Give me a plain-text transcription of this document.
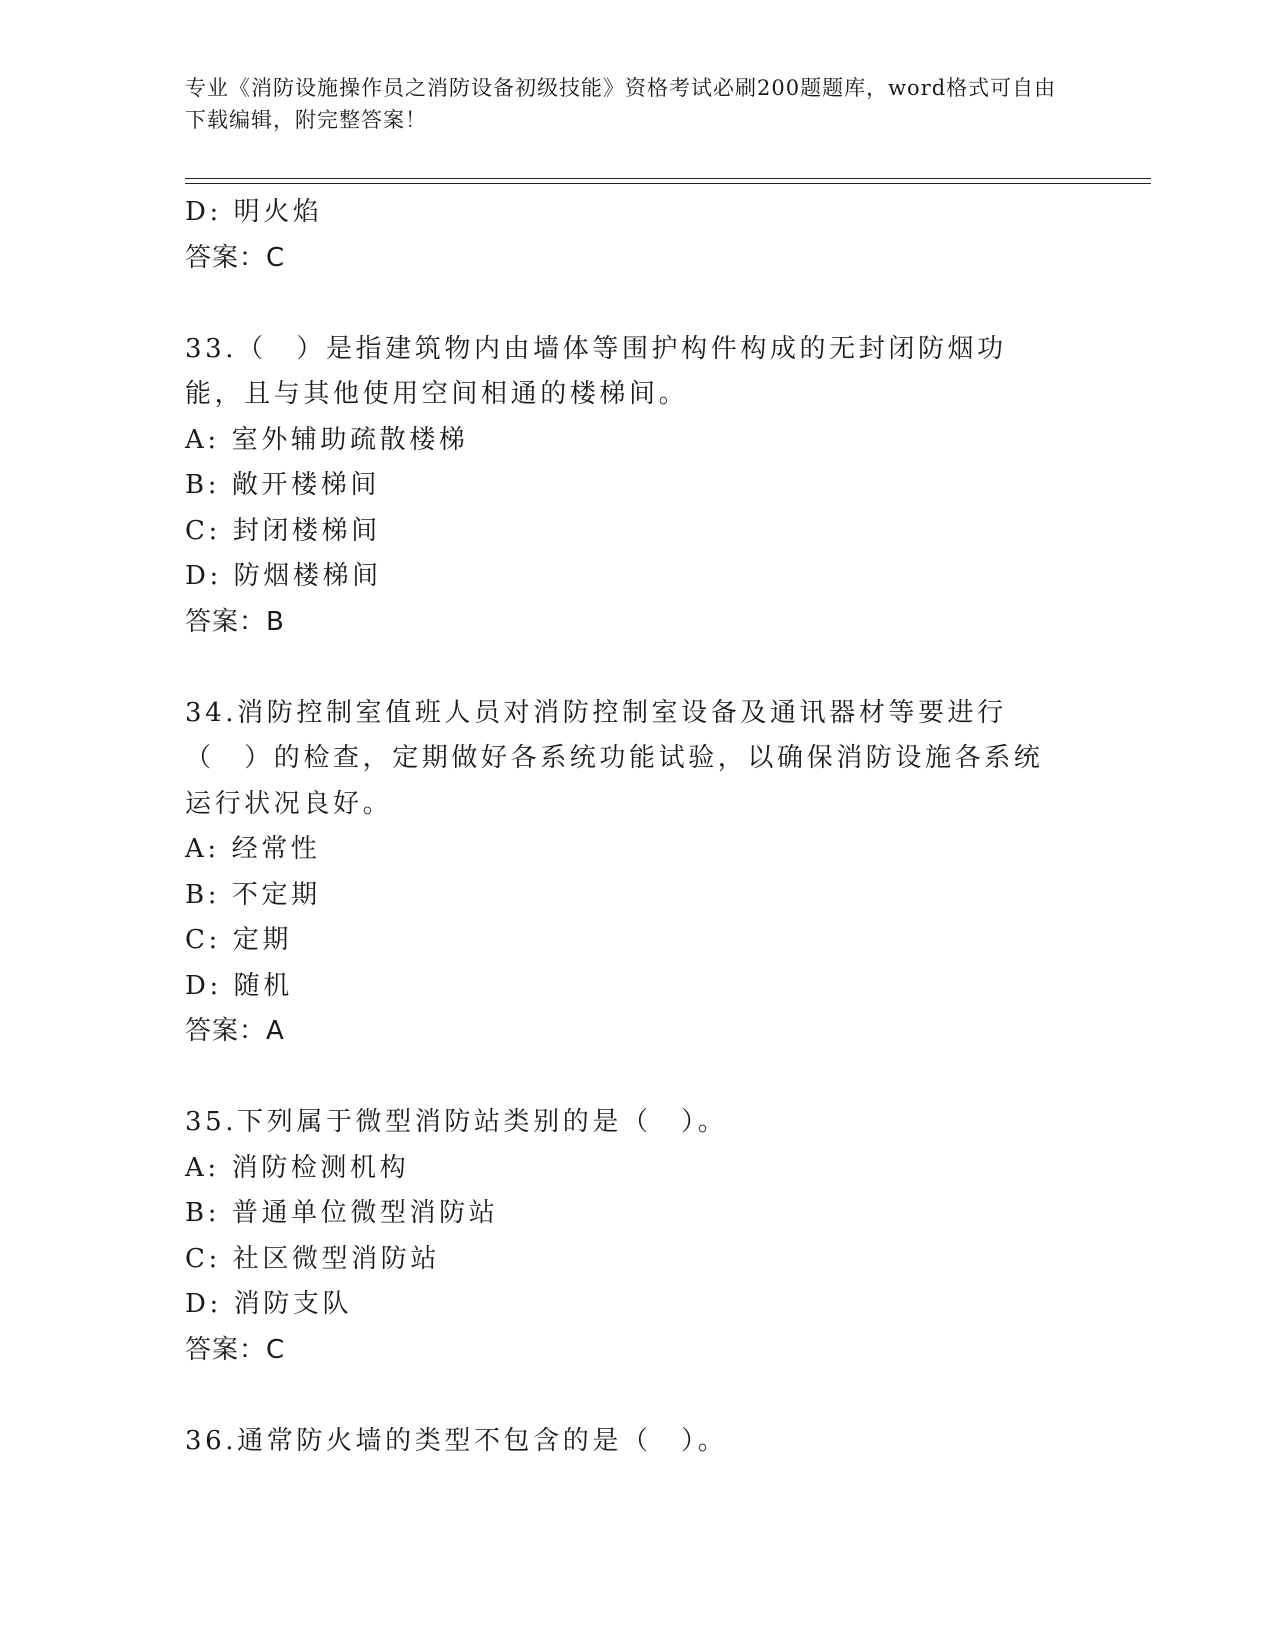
专业《消防设施操作员之消防设备初级技能》资格考试必刷200题题库，word格式可自由下载编辑，附完整答案！
D: 明火焰
答案：C
33.（　）是指建筑物内由墙体等围护构件构成的无封闭防烟功能，且与其他使用空间相通的楼梯间。
A: 室外辅助疏散楼梯
B: 敞开楼梯间
C: 封闭楼梯间
D: 防烟楼梯间
答案：B
34.消防控制室值班人员对消防控制室设备及通讯器材等要进行（　）的检查，定期做好各系统功能试验，以确保消防设施各系统运行状况良好。
A: 经常性
B: 不定期
C: 定期
D: 随机
答案：A
35.下列属于微型消防站类别的是（　）。
A: 消防检测机构
B: 普通单位微型消防站
C: 社区微型消防站
D: 消防支队
答案：C
36.通常防火墙的类型不包含的是（　）。
